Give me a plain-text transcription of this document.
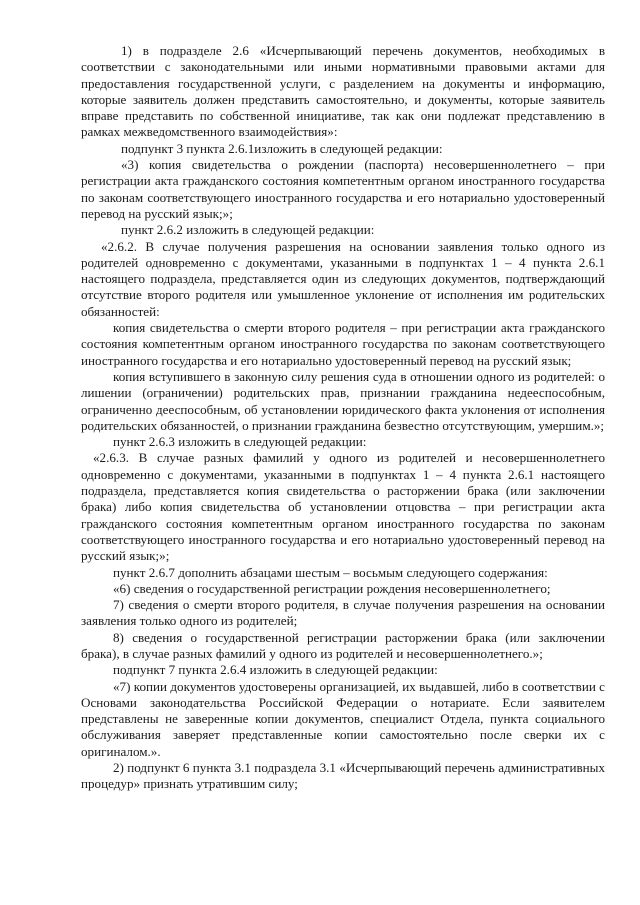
1) в подразделе 2.6 «Исчерпывающий перечень документов, необходимых в соответствии с законодательными или иными нормативными правовыми актами для предоставления государственной услуги, с разделением на документы и информацию, которые заявитель должен представить самостоятельно, и документы, которые заявитель вправе представить по собственной инициативе, так как они подлежат представлению в рамках межведомственного взаимодействия»:

подпункт 3 пункта 2.6.1изложить в следующей редакции:

«3) копия свидетельства о рождении (паспорта) несовершеннолетнего – при регистрации акта гражданского состояния компетентным органом иностранного государства по законам соответствующего иностранного государства и его нотариально удостоверенный перевод на русский язык;»;

пункт 2.6.2 изложить в следующей редакции:

«2.6.2. В случае получения разрешения на основании заявления только одного из родителей одновременно с документами, указанными в подпунктах 1 – 4 пункта 2.6.1 настоящего подраздела, представляется один из следующих документов, подтверждающий отсутствие второго родителя или умышленное уклонение от исполнения им родительских обязанностей:

копия свидетельства о смерти второго родителя – при регистрации акта гражданского состояния компетентным органом иностранного государства по законам соответствующего иностранного государства и его нотариально удостоверенный перевод на русский язык;

копия вступившего в законную силу решения суда в отношении одного из родителей: о лишении (ограничении) родительских прав, признании гражданина недееспособным, ограниченно дееспособным, об установлении юридического факта уклонения от исполнения родительских обязанностей, о признании гражданина безвестно отсутствующим, умершим.»;

пункт 2.6.3 изложить в следующей редакции:

«2.6.3. В случае разных фамилий у одного из родителей и несовершеннолетнего одновременно с документами, указанными в подпунктах 1 – 4 пункта 2.6.1 настоящего подраздела, представляется копия свидетельства о расторжении брака (или заключении брака) либо копия свидетельства об установлении отцовства – при регистрации акта гражданского состояния компетентным органом иностранного государства по законам соответствующего иностранного государства и его нотариально удостоверенный перевод на русский язык;»;

пункт 2.6.7 дополнить абзацами шестым – восьмым следующего содержания:

«6) сведения о государственной регистрации рождения несовершеннолетнего;

7) сведения о смерти второго родителя, в случае получения разрешения на основании заявления только одного из родителей;

8) сведения о государственной регистрации расторжении брака (или заключении брака), в случае разных фамилий у одного из родителей и несовершеннолетнего.»;

подпункт 7 пункта 2.6.4 изложить в следующей редакции:

«7) копии документов удостоверены организацией, их выдавшей, либо в соответствии с Основами законодательства Российской Федерации о нотариате. Если заявителем представлены не заверенные копии документов, специалист Отдела, пункта социального обслуживания заверяет представленные копии самостоятельно после сверки их с оригиналом.».

2) подпункт 6 пункта 3.1 подраздела 3.1 «Исчерпывающий перечень административных процедур» признать утратившим силу;
